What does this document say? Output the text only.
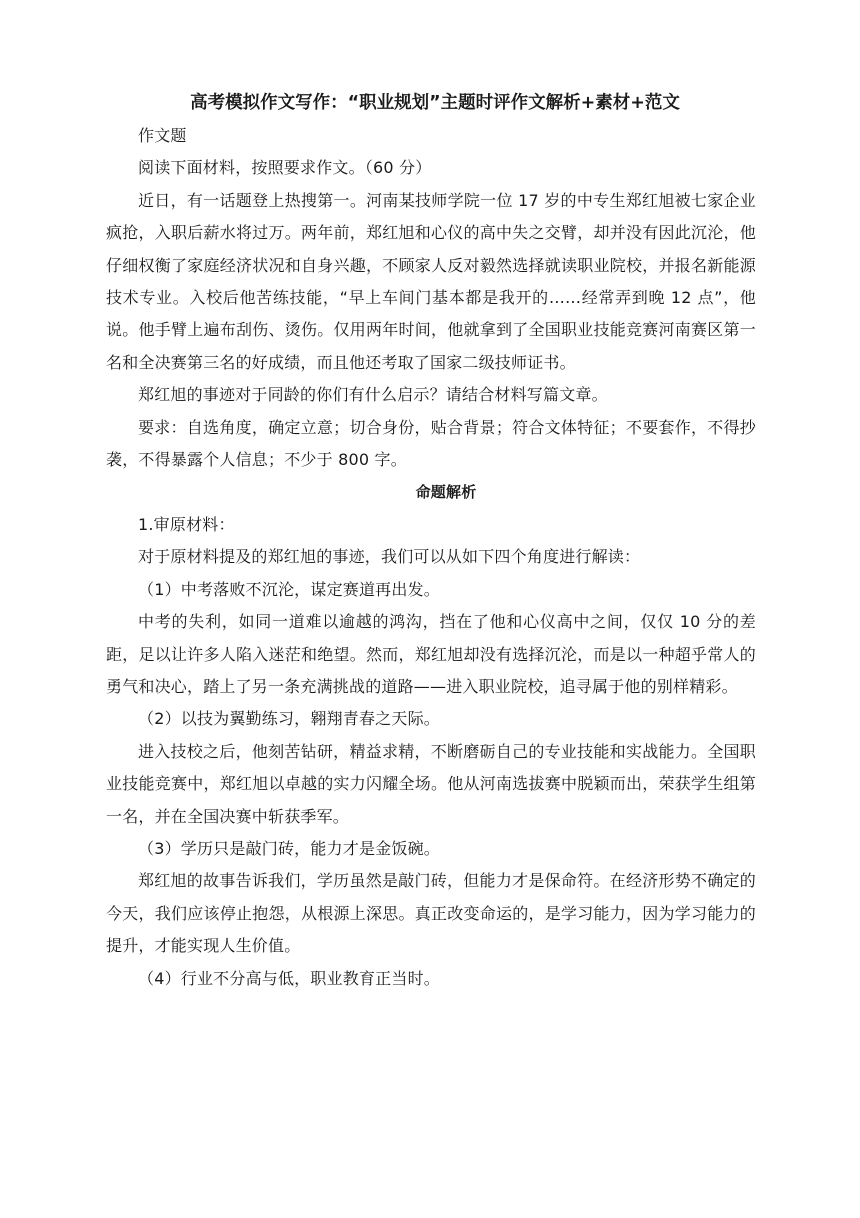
高考模拟作文写作：“职业规划”主题时评作文解析+素材+范文

作文题

阅读下面材料，按照要求作文。（60 分）

近日，有一话题登上热搜第一。河南某技师学院一位 17 岁的中专生郑红旭被七家企业疯抢，入职后薪水将过万。两年前，郑红旭和心仪的高中失之交臂，却并没有因此沉沦，他仔细权衡了家庭经济状况和自身兴趣，不顾家人反对毅然选择就读职业院校，并报名新能源技术专业。入校后他苦练技能，“早上车间门基本都是我开的……经常弄到晚 12 点”，他说。他手臂上遍布刮伤、烫伤。仅用两年时间，他就拿到了全国职业技能竞赛河南赛区第一名和全决赛第三名的好成绩，而且他还考取了国家二级技师证书。

郑红旭的事迹对于同龄的你们有什么启示？请结合材料写篇文章。

要求：自选角度，确定立意；切合身份，贴合背景；符合文体特征；不要套作，不得抄袭，不得暴露个人信息；不少于 800 字。

命题解析

1.审原材料：

对于原材料提及的郑红旭的事迹，我们可以从如下四个角度进行解读：

（1）中考落败不沉沦，谋定赛道再出发。

中考的失利，如同一道难以逾越的鸿沟，挡在了他和心仪高中之间，仅仅 10 分的差距，足以让许多人陷入迷茫和绝望。然而，郑红旭却没有选择沉沦，而是以一种超乎常人的勇气和决心，踏上了另一条充满挑战的道路——进入职业院校，追寻属于他的别样精彩。

（2）以技为翼勤练习，翱翔青春之天际。

进入技校之后，他刻苦钻研，精益求精，不断磨砺自己的专业技能和实战能力。全国职业技能竞赛中，郑红旭以卓越的实力闪耀全场。他从河南选拔赛中脱颖而出，荣获学生组第一名，并在全国决赛中斩获季军。

（3）学历只是敲门砖，能力才是金饭碗。

郑红旭的故事告诉我们，学历虽然是敲门砖，但能力才是保命符。在经济形势不确定的今天，我们应该停止抱怨，从根源上深思。真正改变命运的，是学习能力，因为学习能力的提升，才能实现人生价值。

（4）行业不分高与低，职业教育正当时。
